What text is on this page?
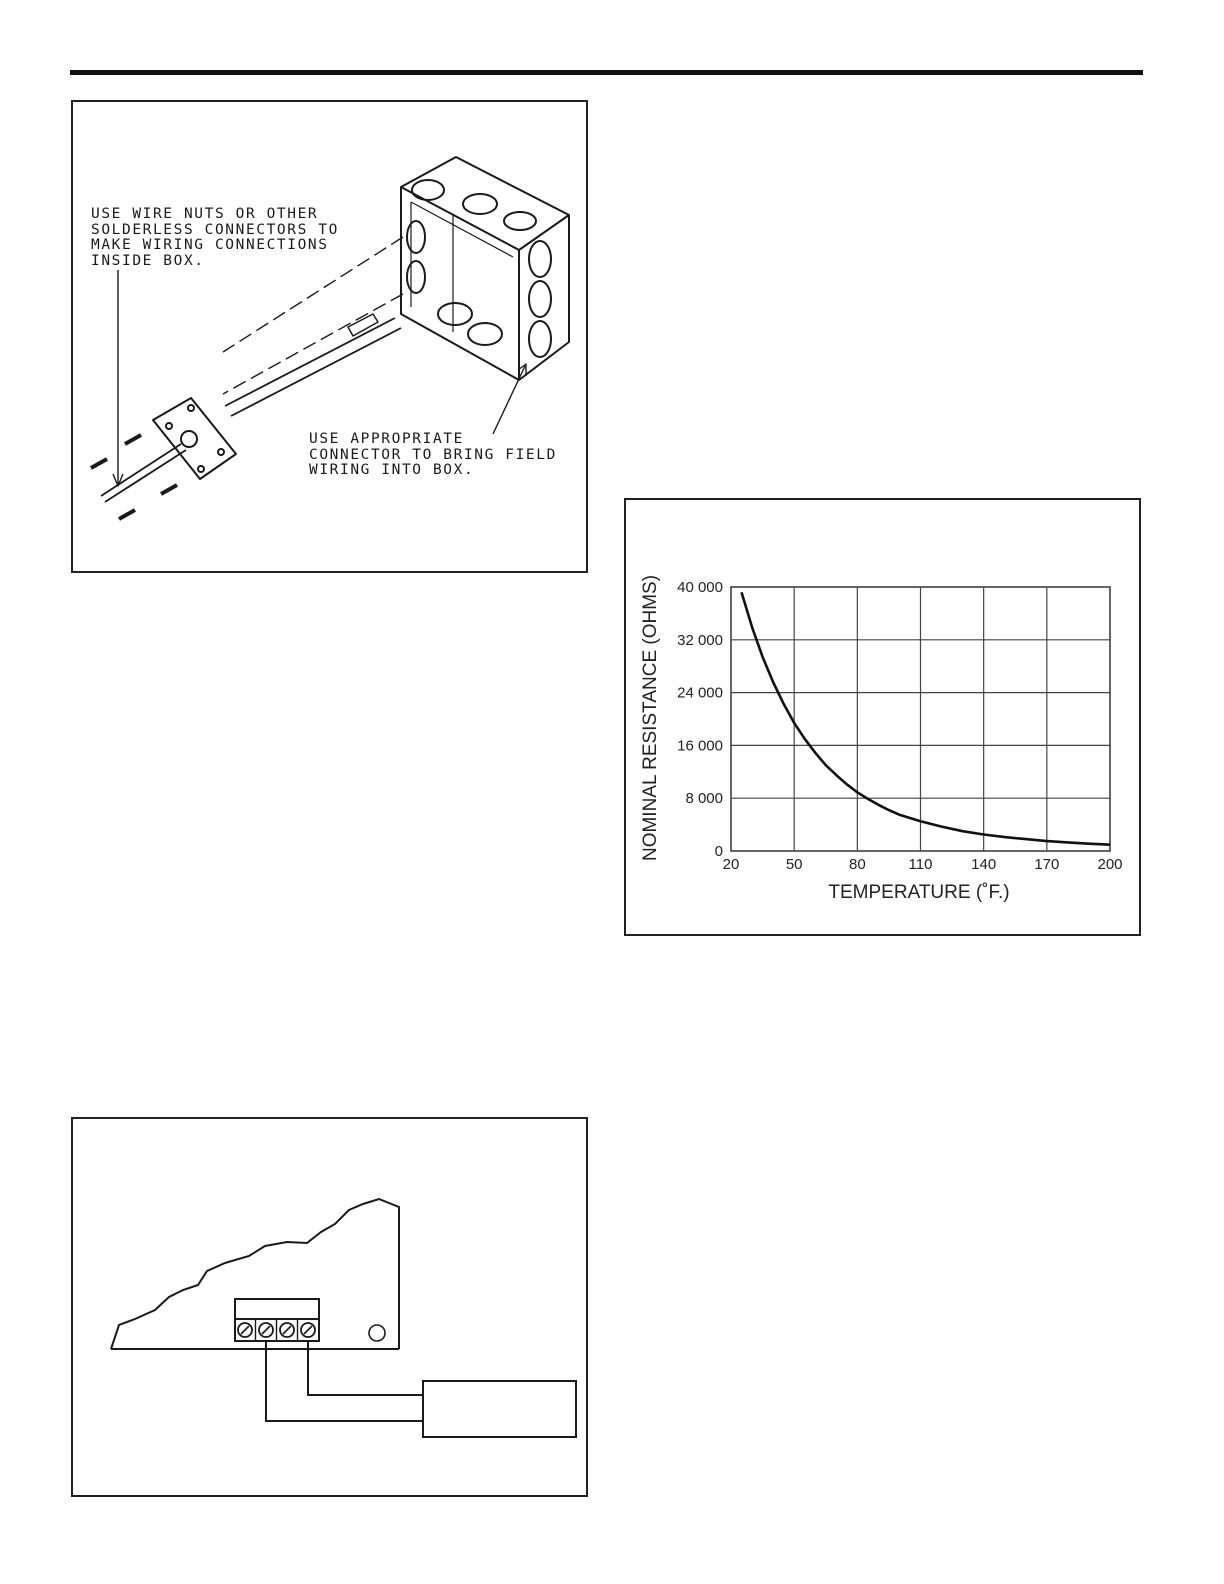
USE WIRE NUTS OR OTHER
SOLDERLESS CONNECTORS TO
MAKE WIRING CONNECTIONS
INSIDE BOX.
USE APPROPRIATE
CONNECTOR TO BRING FIELD
WIRING INTO BOX.
20	50	80	110	140	170	200
0
8 000
16 000
24 000
32 000
40 000
TEMPERATURE (˚F.)
NOMINAL RESISTANCE (OHMS)
